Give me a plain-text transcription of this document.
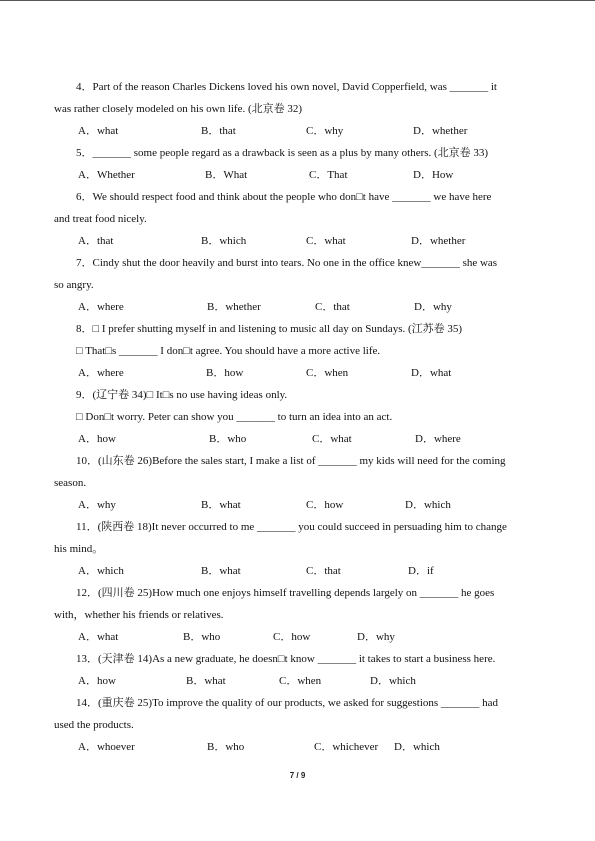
4．Part of the reason Charles Dickens loved his own novel, David Copperfield, was _______ it
was rather closely modeled on his own life. (北京卷 32)
A．what	B．that	C．why	D．whether
5．_______ some people regard as a drawback is seen as a plus by many others. (北京卷 33)
A．Whether	B．What	C．That	D．How
6．We should respect food and think about the people who don□t have _______ we have here
and treat food nicely.
A．that	B．which	C．what	D．whether
7．Cindy shut the door heavily and burst into tears. No one in the office knew_______ she was
so angry.
A．where	B．whether	C．that	D．why
8．□ I prefer shutting myself in and listening to music all day on Sundays. (江苏卷 35)
□ That□s _______ I don□t agree. You should have a more active life.
A．where	B．how	C．when	D．what
9．(辽宁卷 34)□ It□s no use having ideas only.
□ Don□t worry. Peter can show you _______ to turn an idea into an act.
A．how	B．who	C．what	D．where
10．(山东卷 26)Before the sales start, I make a list of _______ my kids will need for the coming
season.
A．why	B．what	C．how	D．which
11．(陕西卷 18)It never occurred to me _______ you could succeed in persuading him to change
his mind。
A．which	B．what	C．that	D．if
12．(四川卷 25)How much one enjoys himself travelling depends largely on _______ he goes
with，whether his friends or relatives.
A．what	B．who	C．how	D．why
13．(天津卷 14)As a new graduate, he doesn□t know _______ it takes to start a business here.
A．how	B．what	C．when	D．which
14．(重庆卷 25)To improve the quality of our products, we asked for suggestions _______ had
used the products.
A．whoever	B．who	C．whichever D．which
7 / 9
